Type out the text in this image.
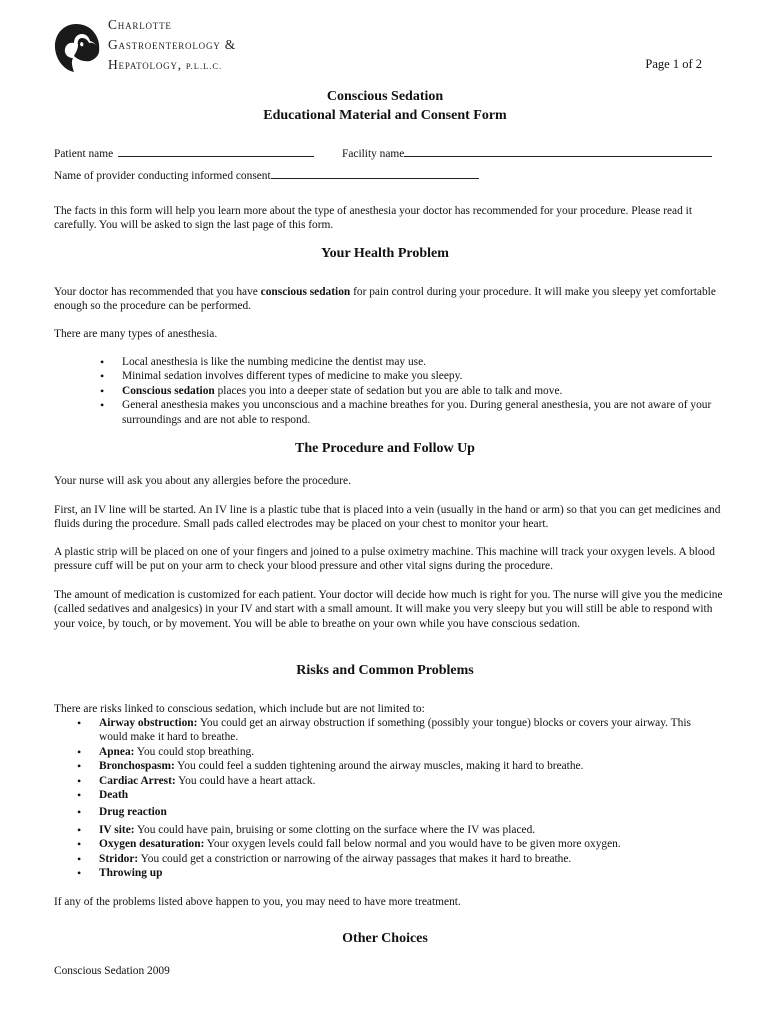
Charlotte
Gastroenterology &
Hepatology, P.L.L.C.	Page 1 of 2
Conscious Sedation
Educational Material and Consent Form
Patient name	Facility name
Name of provider conducting informed consent
The facts in this form will help you learn more about the type of anesthesia your doctor has recommended for your procedure. Please read it carefully. You will be asked to sign the last page of this form.
Your Health Problem
Your doctor has recommended that you have conscious sedation for pain control during your procedure. It will make you sleepy yet comfortable enough so the procedure can be performed.
There are many types of anesthesia.
• Local anesthesia is like the numbing medicine the dentist may use.
• Minimal sedation involves different types of medicine to make you sleepy.
• Conscious sedation places you into a deeper state of sedation but you are able to talk and move.
• General anesthesia makes you unconscious and a machine breathes for you. During general anesthesia, you are not aware of your surroundings and are not able to respond.
The Procedure and Follow Up
Your nurse will ask you about any allergies before the procedure.
First, an IV line will be started. An IV line is a plastic tube that is placed into a vein (usually in the hand or arm) so that you can get medicines and fluids during the procedure. Small pads called electrodes may be placed on your chest to monitor your heart.
A plastic strip will be placed on one of your fingers and joined to a pulse oximetry machine. This machine will track your oxygen levels. A blood pressure cuff will be put on your arm to check your blood pressure and other vital signs during the procedure.
The amount of medication is customized for each patient. Your doctor will decide how much is right for you. The nurse will give you the medicine (called sedatives and analgesics) in your IV and start with a small amount. It will make you very sleepy but you will still be able to respond with your voice, by touch, or by movement. You will be able to breathe on your own while you have conscious sedation.
Risks and Common Problems
There are risks linked to conscious sedation, which include but are not limited to:
• Airway obstruction: You could get an airway obstruction if something (possibly your tongue) blocks or covers your airway. This would make it hard to breathe.
• Apnea: You could stop breathing.
• Bronchospasm: You could feel a sudden tightening around the airway muscles, making it hard to breathe.
• Cardiac Arrest: You could have a heart attack.
• Death
• Drug reaction
• IV site: You could have pain, bruising or some clotting on the surface where the IV was placed.
• Oxygen desaturation: Your oxygen levels could fall below normal and you would have to be given more oxygen.
• Stridor: You could get a constriction or narrowing of the airway passages that makes it hard to breathe.
• Throwing up
If any of the problems listed above happen to you, you may need to have more treatment.
Other Choices
Conscious Sedation 2009
